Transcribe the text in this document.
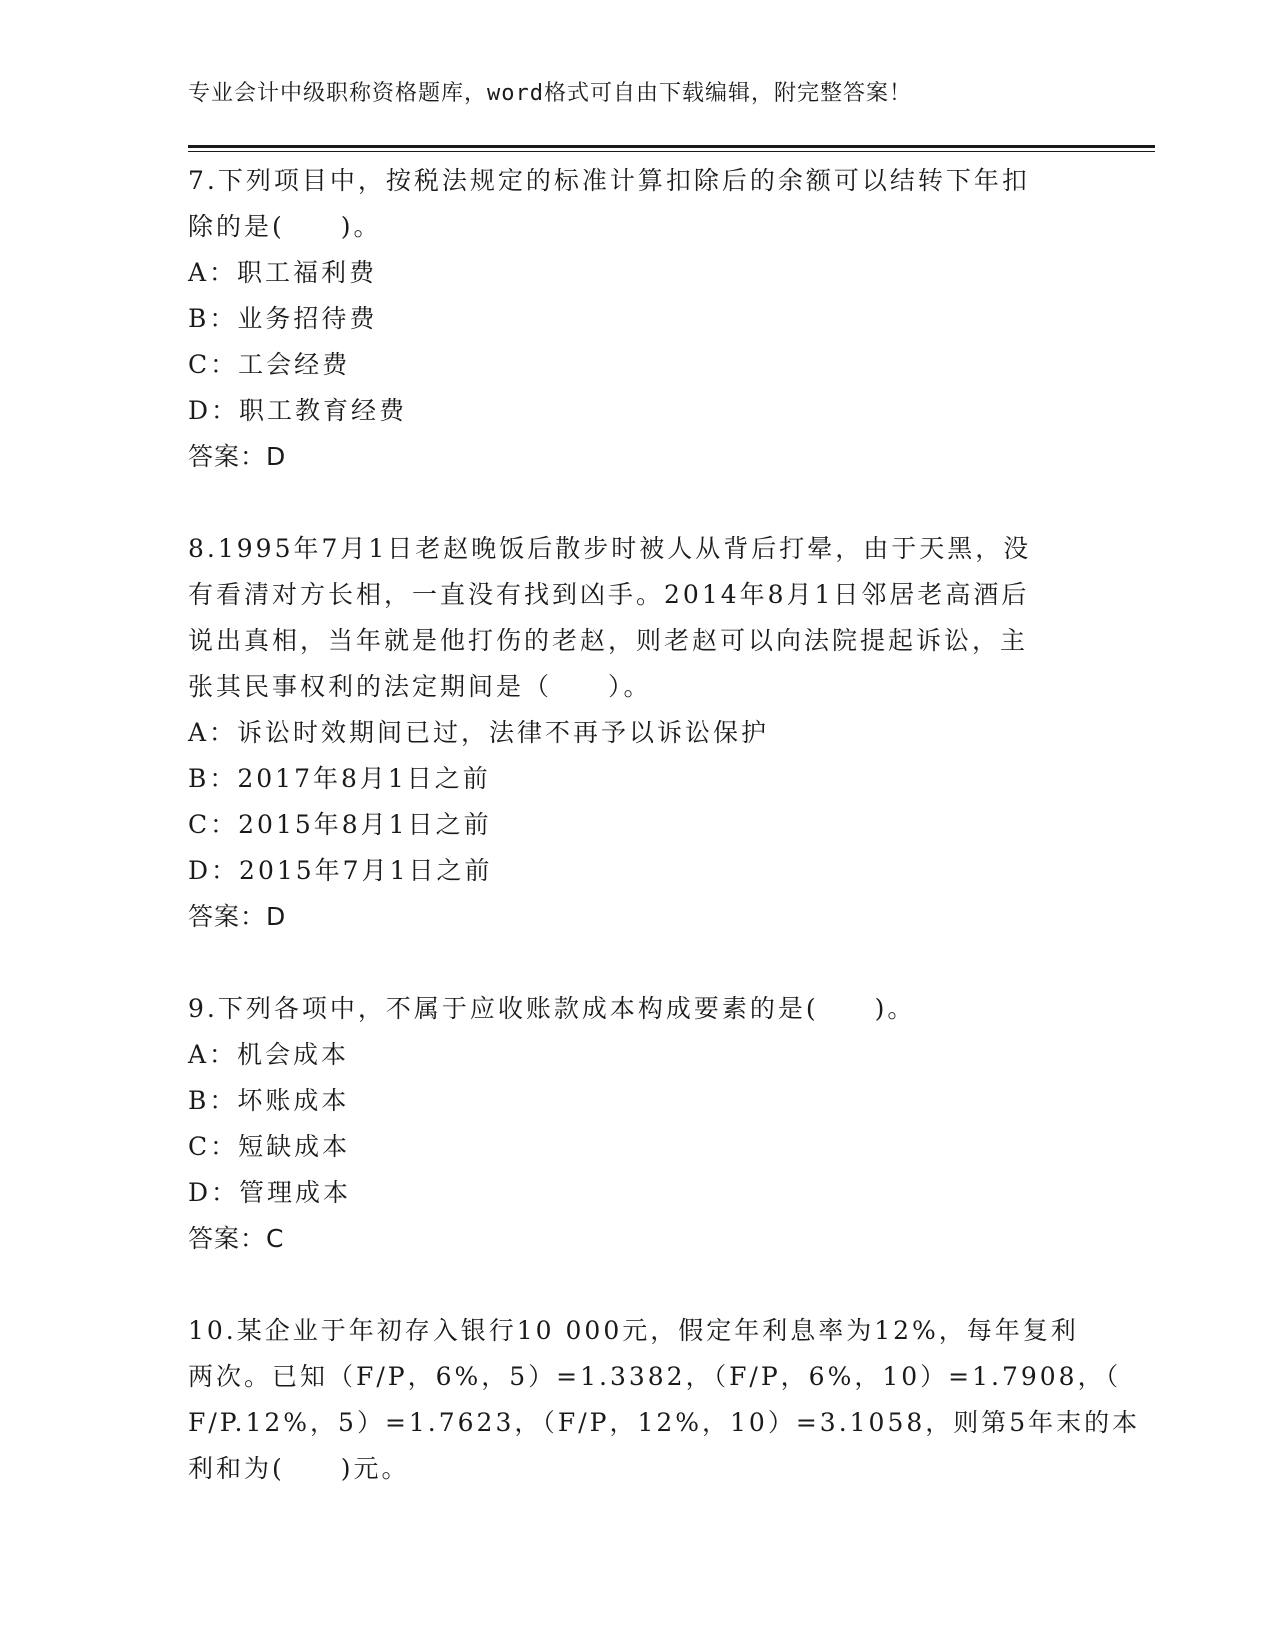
专业会计中级职称资格题库，word格式可自由下载编辑，附完整答案！
7.下列项目中，按税法规定的标准计算扣除后的余额可以结转下年扣
除的是(　　)。
A：职工福利费
B：业务招待费
C：工会经费
D：职工教育经费
答案：D
8.1995年7月1日老赵晚饭后散步时被人从背后打晕，由于天黑，没
有看清对方长相，一直没有找到凶手。2014年8月1日邻居老高酒后
说出真相，当年就是他打伤的老赵，则老赵可以向法院提起诉讼，主
张其民事权利的法定期间是（　　）。
A：诉讼时效期间已过，法律不再予以诉讼保护
B：2017年8月1日之前
C：2015年8月1日之前
D：2015年7月1日之前
答案：D
9.下列各项中，不属于应收账款成本构成要素的是(　　)。
A：机会成本
B：坏账成本
C：短缺成本
D：管理成本
答案：C
10.某企业于年初存入银行10 000元，假定年利息率为12%，每年复利
两次。已知（F/P，6%，5）=1.3382，（F/P，6%，10）=1.7908，（
F/P.12%，5）=1.7623，（F/P，12%，10）=3.1058，则第5年末的本
利和为(　　)元。
